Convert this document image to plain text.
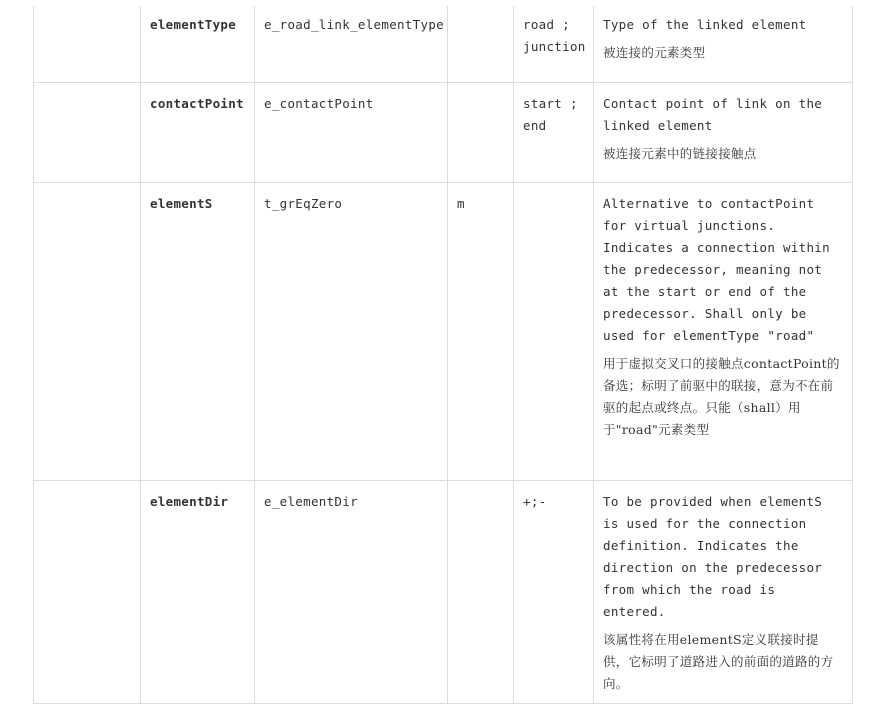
	elementType	e_road_link_elementType		road ; junction	Type of the linked element

被连接的元素类型

	contactPoint	e_contactPoint		start ; end	Contact point of link on the linked element

被连接元素中的链接接触点

	elementS	t_grEqZero	m		Alternative to contactPoint for virtual junctions. Indicates a connection within the predecessor, meaning not at the start or end of the predecessor. Shall only be used for elementType "road"

用于虚拟交叉口的接触点contactPoint的备选；标明了前驱中的联接，意为不在前驱的起点或终点。只能（shall）用于"road"元素类型

	elementDir	e_elementDir		+;-	To be provided when elementS is used for the connection definition. Indicates the direction on the predecessor from which the road is entered.

该属性将在用elementS定义联接时提供，它标明了道路进入的前面的道路的方向。
